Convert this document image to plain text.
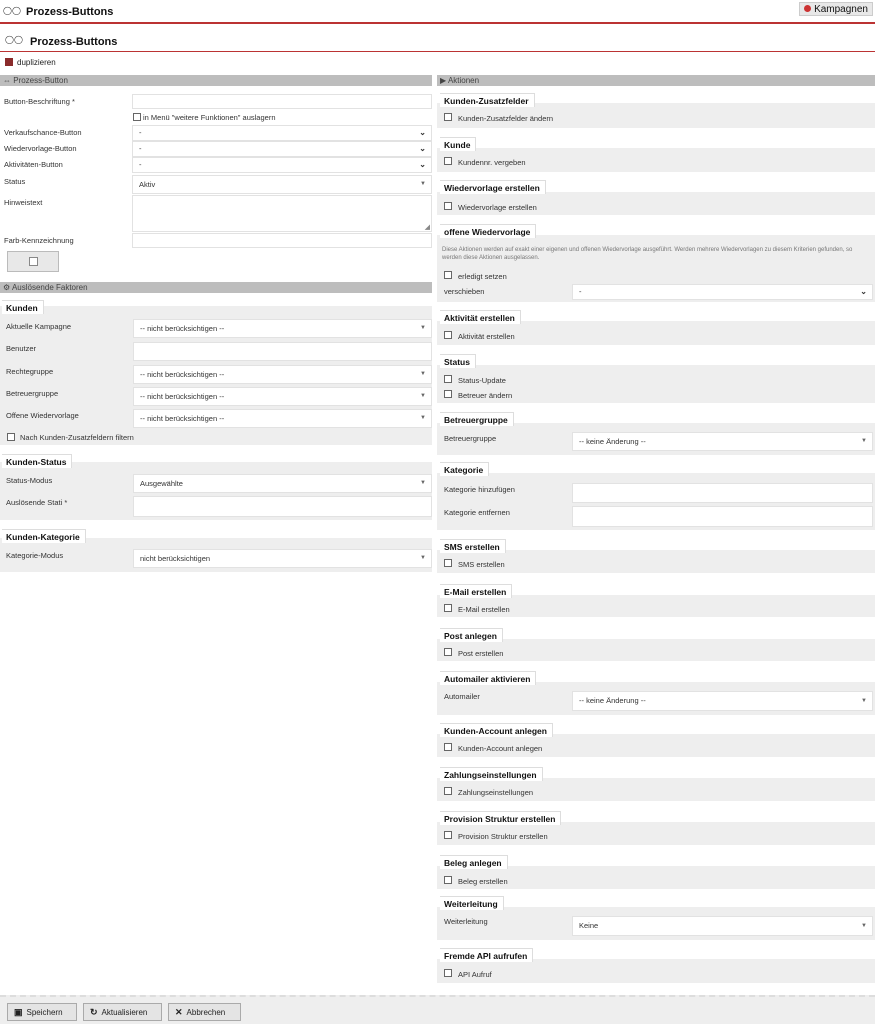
◯◯ Prozess-Buttons	Kampagnen
◯◯ Prozess-Buttons
duplizieren
⇔ Prozess-Button
Button-Beschriftung *
in Menü "weitere Funktionen" auslagern
Verkaufschance-Button	-	⌄
Wiedervorlage-Button	-	⌄
Aktivitäten-Button	-	⌄
Status	Aktiv	▼
Hinweistext
◢
Farb-Kennzeichnung
⚙ Auslösende Faktoren
Kunden
Aktuelle Kampagne	-- nicht berücksichtigen --	▼
Benutzer
Rechtegruppe	-- nicht berücksichtigen --	▼
Betreuergruppe	-- nicht berücksichtigen --	▼
Offene Wiedervorlage	-- nicht berücksichtigen --	▼
Nach Kunden-Zusatzfeldern filtern
Kunden-Status
Status-Modus	Ausgewählte	▼
Auslösende Stati *
Kunden-Kategorie
Kategorie-Modus	nicht berücksichtigen	▼
▶ Aktionen
Kunden-Zusatzfelder
Kunden-Zusatzfelder ändern
Kunde
Kundennr. vergeben
Wiedervorlage erstellen
Wiedervorlage erstellen
offene Wiedervorlage
Diese Aktionen werden auf exakt einer eigenen und offenen Wiedervorlage ausgeführt. Werden mehrere Wiedervorlagen zu diesem Kriterien gefunden, so werden diese Aktionen ausgelassen.
erledigt setzen
verschieben	-	⌄
Aktivität erstellen
Aktivität erstellen
Status
Status-Update
Betreuer ändern
Betreuergruppe
Betreuergruppe	-- keine Änderung --	▼
Kategorie
Kategorie hinzufügen
Kategorie entfernen
SMS erstellen
SMS erstellen
E-Mail erstellen
E-Mail erstellen
Post anlegen
Post erstellen
Automailer aktivieren
Automailer	-- keine Änderung --	▼
Kunden-Account anlegen
Kunden-Account anlegen
Zahlungseinstellungen
Zahlungseinstellungen
Provision Struktur erstellen
Provision Struktur erstellen
Beleg anlegen
Beleg erstellen
Weiterleitung
Weiterleitung	Keine	▼
Fremde API aufrufen
API Aufruf
▣ Speichern	↻ Aktualisieren	✕ Abbrechen
